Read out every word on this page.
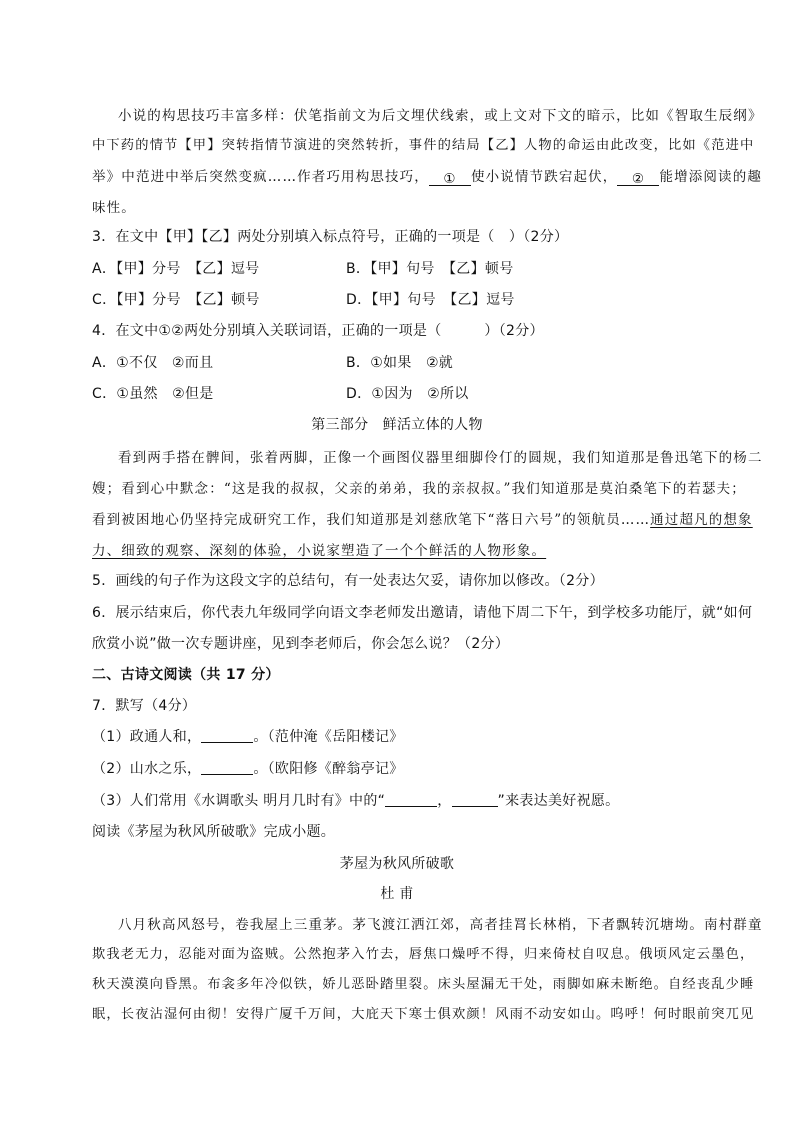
小说的构思技巧丰富多样：伏笔指前文为后文埋伏线索，或上文对下文的暗示，比如《智取生辰纲》
中下药的情节【甲】突转指情节演进的突然转折，事件的结局【乙】人物的命运由此改变，比如《范进中
举》中范进中举后突然变疯……作者巧用构思技巧， ① 使小说情节跌宕起伏， ② 能增添阅读的趣
味性。
3．在文中【甲】【乙】两处分别填入标点符号，正确的一项是（　）（2分）
A．【甲】分号　【乙】逗号	B．【甲】句号　【乙】顿号
C．【甲】分号　【乙】顿号	D．【甲】句号　【乙】逗号
4．在文中①②两处分别填入关联词语，正确的一项是（　　　）（2分）
A．①不仅　②而且	B．①如果　②就
C．①虽然　②但是	D．①因为　②所以
第三部分　鲜活立体的人物
看到两手搭在髀间，张着两脚，正像一个画图仪器里细脚伶仃的圆规，我们知道那是鲁迅笔下的杨二
嫂；看到心中默念：“这是我的叔叔，父亲的弟弟，我的亲叔叔。”我们知道那是莫泊桑笔下的若瑟夫；
看到被困地心仍坚持完成研究工作，我们知道那是刘慈欣笔下“落日六号”的领航员……通过超凡的想象
力、细致的观察、深刻的体验，小说家塑造了一个个鲜活的人物形象。
5．画线的句子作为这段文字的总结句，有一处表达欠妥，请你加以修改。（2分）
6．展示结束后，你代表九年级同学向语文李老师发出邀请，请他下周二下午，到学校多功能厅，就“如何
欣赏小说”做一次专题讲座，见到李老师后，你会怎么说？（2分）
二、古诗文阅读（共 17 分）
7．默写（4分）
（1）政通人和，	。（范仲淹《岳阳楼记》
（2）山水之乐，	。（欧阳修《醉翁亭记》
（3）人们常用《水调歌头 明月几时有》中的“	，	”来表达美好祝愿。
阅读《茅屋为秋风所破歌》完成小题。
茅屋为秋风所破歌
杜 甫
八月秋高风怒号，卷我屋上三重茅。茅飞渡江洒江郊，高者挂罥长林梢，下者飘转沉塘坳。南村群童
欺我老无力，忍能对面为盗贼。公然抱茅入竹去，唇焦口燥呼不得，归来倚杖自叹息。俄顷风定云墨色，
秋天漠漠向昏黑。布衾多年冷似铁，娇儿恶卧踏里裂。床头屋漏无干处，雨脚如麻未断绝。自经丧乱少睡
眠，长夜沾湿何由彻！安得广厦千万间，大庇天下寒士俱欢颜！风雨不动安如山。呜呼！何时眼前突兀见
